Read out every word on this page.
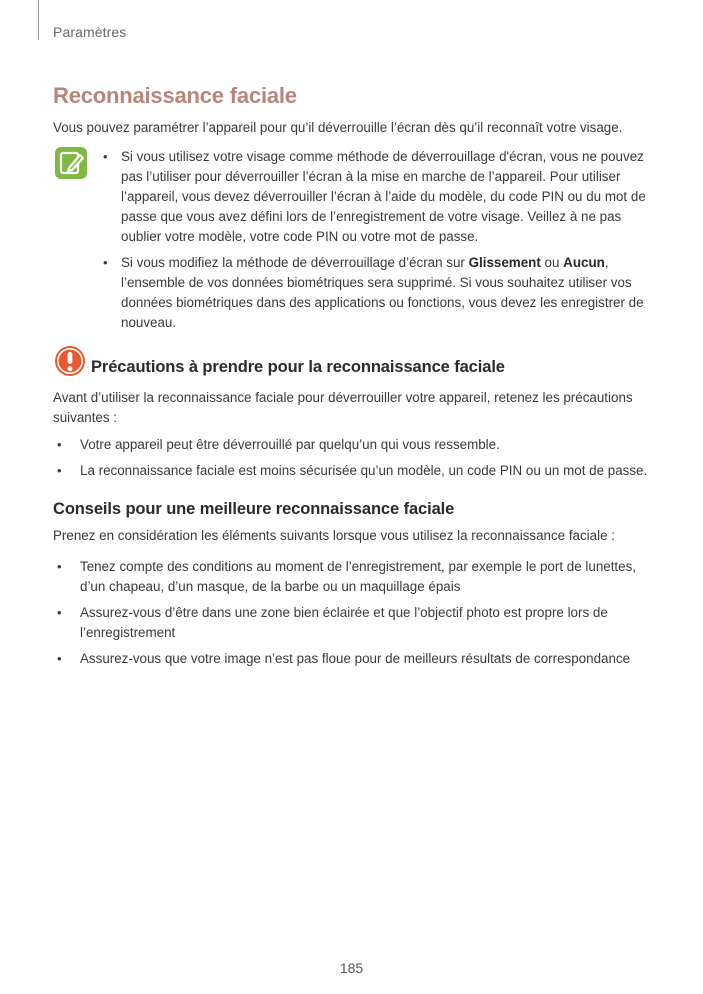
Paramètres
Reconnaissance faciale

Vous pouvez paramétrer l’appareil pour qu’il déverrouille l’écran dès qu’il reconnaît votre visage.

• Si vous utilisez votre visage comme méthode de déverrouillage d'écran, vous ne pouvez pas l’utiliser pour déverrouiller l’écran à la mise en marche de l’appareil. Pour utiliser l’appareil, vous devez déverrouiller l’écran à l’aide du modèle, du code PIN ou du mot de passe que vous avez défini lors de l’enregistrement de votre visage. Veillez à ne pas oublier votre modèle, votre code PIN ou votre mot de passe.
• Si vous modifiez la méthode de déverrouillage d’écran sur Glissement ou Aucun, l’ensemble de vos données biométriques sera supprimé. Si vous souhaitez utiliser vos données biométriques dans des applications ou fonctions, vous devez les enregistrer de nouveau.
Précautions à prendre pour la reconnaissance faciale

Avant d’utiliser la reconnaissance faciale pour déverrouiller votre appareil, retenez les précautions suivantes :

• Votre appareil peut être déverrouillé par quelqu’un qui vous ressemble.
• La reconnaissance faciale est moins sécurisée qu’un modèle, un code PIN ou un mot de passe.
Conseils pour une meilleure reconnaissance faciale

Prenez en considération les éléments suivants lorsque vous utilisez la reconnaissance faciale :

• Tenez compte des conditions au moment de l’enregistrement, par exemple le port de lunettes, d’un chapeau, d’un masque, de la barbe ou un maquillage épais
• Assurez-vous d’être dans une zone bien éclairée et que l’objectif photo est propre lors de l’enregistrement
• Assurez-vous que votre image n’est pas floue pour de meilleurs résultats de correspondance
185
